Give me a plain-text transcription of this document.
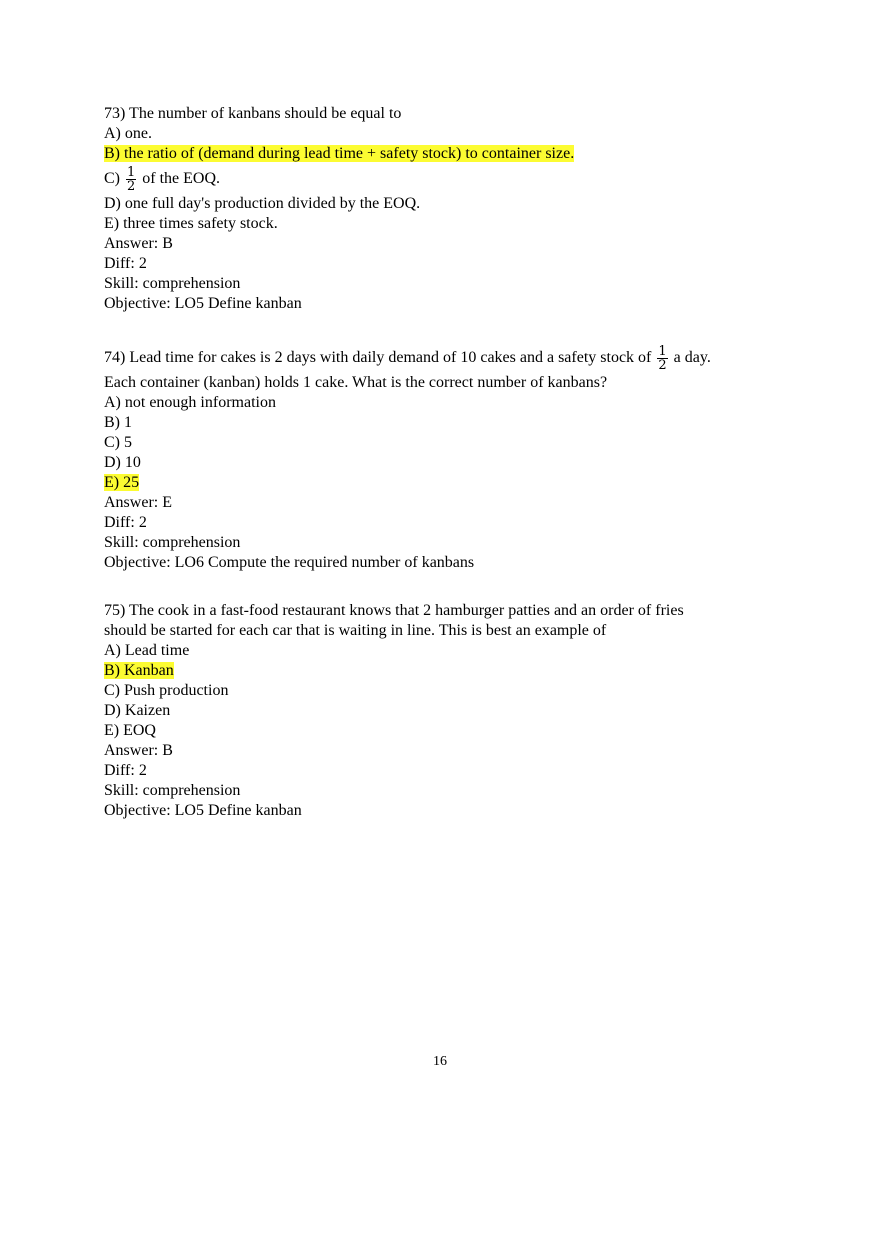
73) The number of kanbans should be equal to
A) one.
B) the ratio of (demand during lead time + safety stock) to container size.
$C) \frac{1}{2}$ of the EOQ.
D) one full day's production divided by the EOQ.
E) three times safety stock.
Answer: B
Diff: 2
Skill: comprehension
Objective: LO5 Define kanban
74) Lead time for cakes is 2 days with daily demand of 10 cakes and a safety stock of $\frac{1}{2}$ a day.
Each container (kanban) holds 1 cake. What is the correct number of kanbans?
A) not enough information
B) 1
C) 5
D) 10
E) 25
Answer: E
Diff: 2
Skill: comprehension
Objective: LO6 Compute the required number of kanbans
75) The cook in a fast-food restaurant knows that 2 hamburger patties and an order of fries
should be started for each car that is waiting in line. This is best an example of
A) Lead time
B) Kanban
C) Push production
D) Kaizen
E) EOQ
Answer: B
Diff: 2
Skill: comprehension
Objective: LO5 Define kanban
16
